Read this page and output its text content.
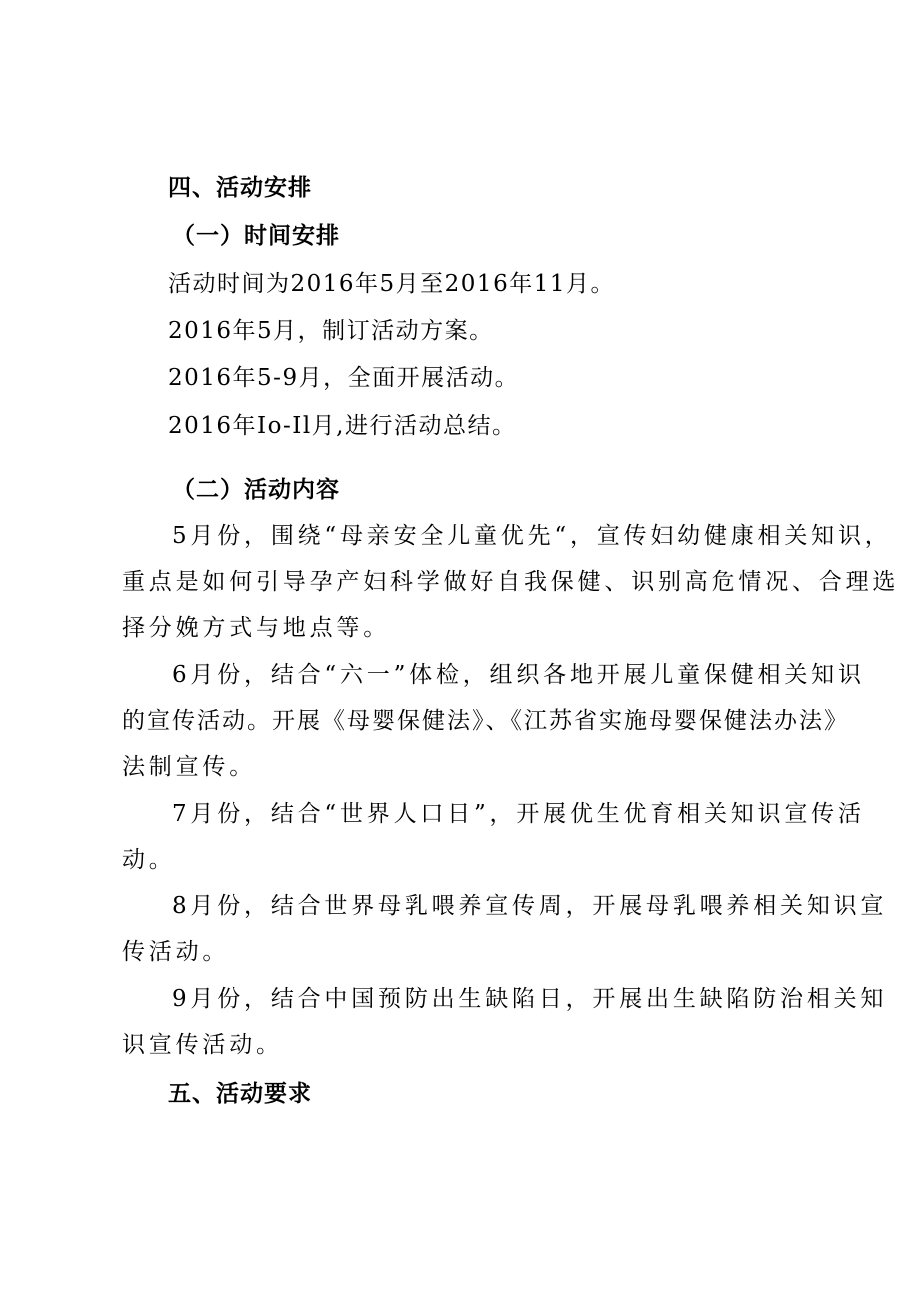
四、活动安排
（一）时间安排
活动时间为2016年5月至2016年11月。
2016年5月，制订活动方案。
2016年5-9月，全面开展活动。
2016年Io-Il月,进行活动总结。
（二）活动内容
5月份，围绕“母亲安全儿童优先“，宣传妇幼健康相关知识，
重点是如何引导孕产妇科学做好自我保健、识别高危情况、合理选
择分娩方式与地点等。
6月份，结合“六一”体检，组织各地开展儿童保健相关知识
的宣传活动。开展《母婴保健法》、《江苏省实施母婴保健法办法》
法制宣传。
7月份，结合“世界人口日”，开展优生优育相关知识宣传活
动。
8月份，结合世界母乳喂养宣传周，开展母乳喂养相关知识宣
传活动。
9月份，结合中国预防出生缺陷日，开展出生缺陷防治相关知
识宣传活动。
五、活动要求
